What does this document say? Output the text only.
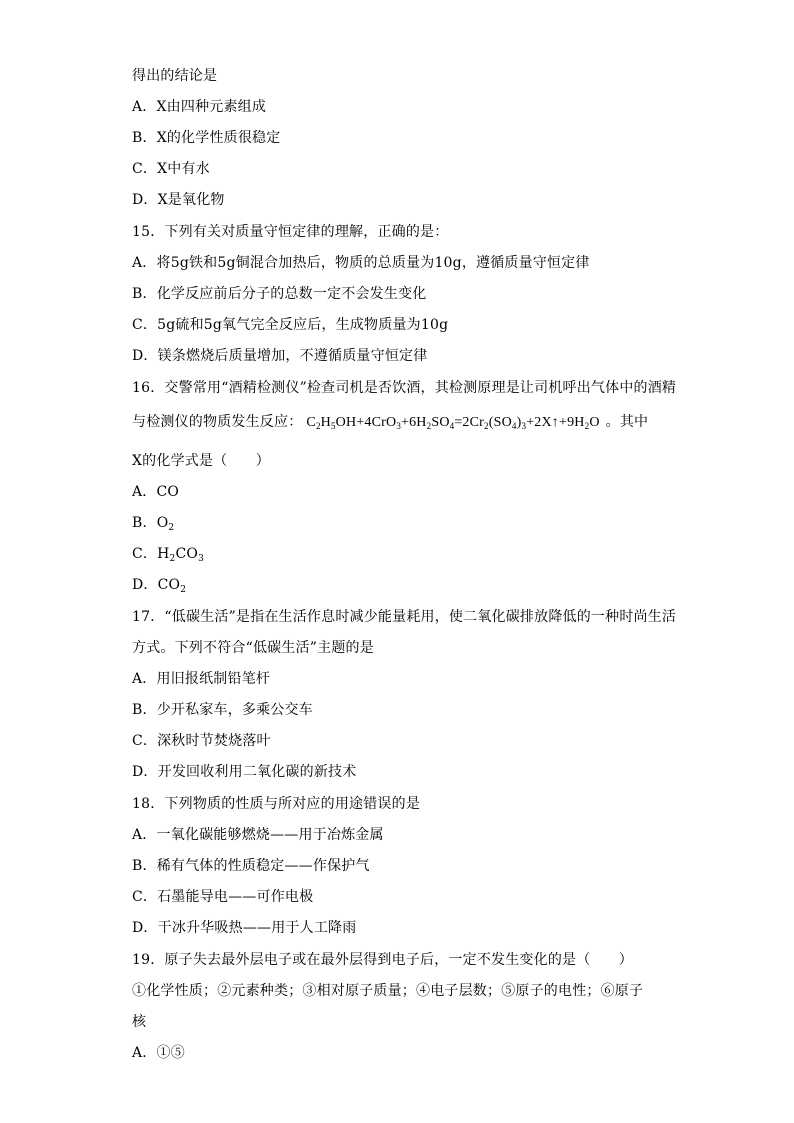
得出的结论是
A．X由四种元素组成
B．X的化学性质很稳定
C．X中有水
D．X是氧化物
15．下列有关对质量守恒定律的理解，正确的是：
A．将5g铁和5g铜混合加热后，物质的总质量为10g，遵循质量守恒定律
B．化学反应前后分子的总数一定不会发生变化
C．5g硫和5g氧气完全反应后，生成物质量为10g
D．镁条燃烧后质量增加，不遵循质量守恒定律
16．交警常用“酒精检测仪”检查司机是否饮酒，其检测原理是让司机呼出气体中的酒精
与检测仪的物质发生反应： $C_2H_5OH+4CrO_3+6H_2SO_4=2Cr_2(SO_4)_3+2X↑+9H_2O$ 。其中
X的化学式是（　　）
A．CO
B．$O_2$
C．$H_2CO_3$
D．$CO_2$
17．“低碳生活”是指在生活作息时减少能量耗用，使二氧化碳排放降低的一种时尚生活
方式。下列不符合“低碳生活”主题的是
A．用旧报纸制铅笔杆
B．少开私家车，多乘公交车
C．深秋时节焚烧落叶
D．开发回收利用二氧化碳的新技术
18．下列物质的性质与所对应的用途错误的是
A．一氧化碳能够燃烧——用于冶炼金属
B．稀有气体的性质稳定——作保护气
C．石墨能导电——可作电极
D．干冰升华吸热——用于人工降雨
19．原子失去最外层电子或在最外层得到电子后，一定不发生变化的是（　　）
①化学性质；②元素种类；③相对原子质量；④电子层数；⑤原子的电性；⑥原子
核
A．①⑤
